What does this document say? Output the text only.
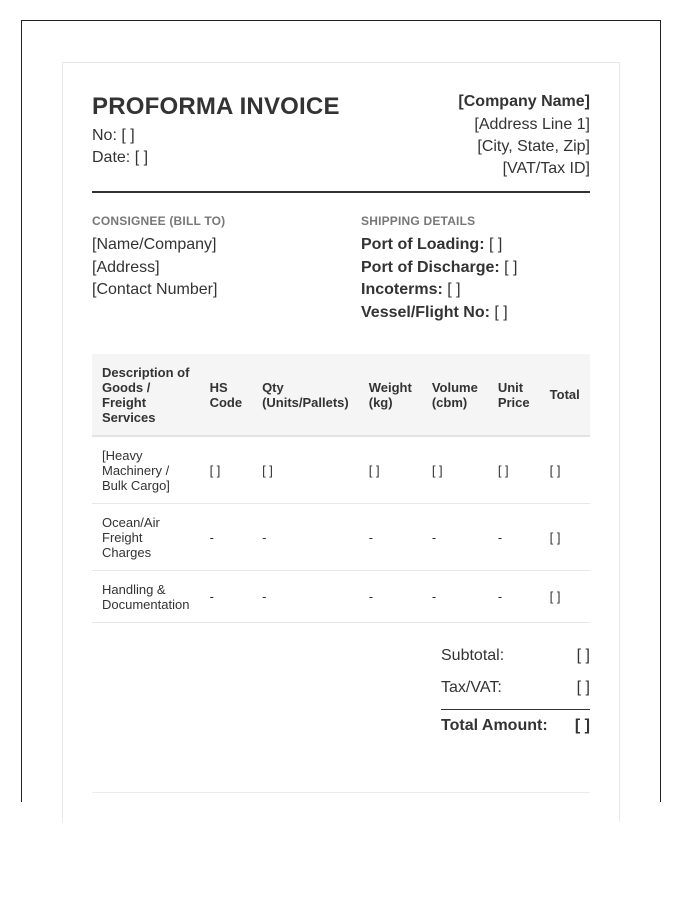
PROFORMA INVOICE
No: [ ]
Date: [ ]
[Company Name]
[Address Line 1]
[City, State, Zip]
[VAT/Tax ID]
CONSIGNEE (BILL TO)
[Name/Company]
[Address]
[Contact Number]
SHIPPING DETAILS
Port of Loading: [ ]
Port of Discharge: [ ]
Incoterms: [ ]
Vessel/Flight No: [ ]
Description of Goods / Freight Services	HS Code	Qty (Units/Pallets)	Weight (kg)	Volume (cbm)	Unit Price	Total
[Heavy Machinery / Bulk Cargo]	[ ]	[ ]	[ ]	[ ]	[ ]	[ ]
Ocean/Air Freight Charges	-	-	-	-	-	[ ]
Handling & Documentation	-	-	-	-	-	[ ]
Subtotal:	[ ]
Tax/VAT:	[ ]
Total Amount: [ ]
